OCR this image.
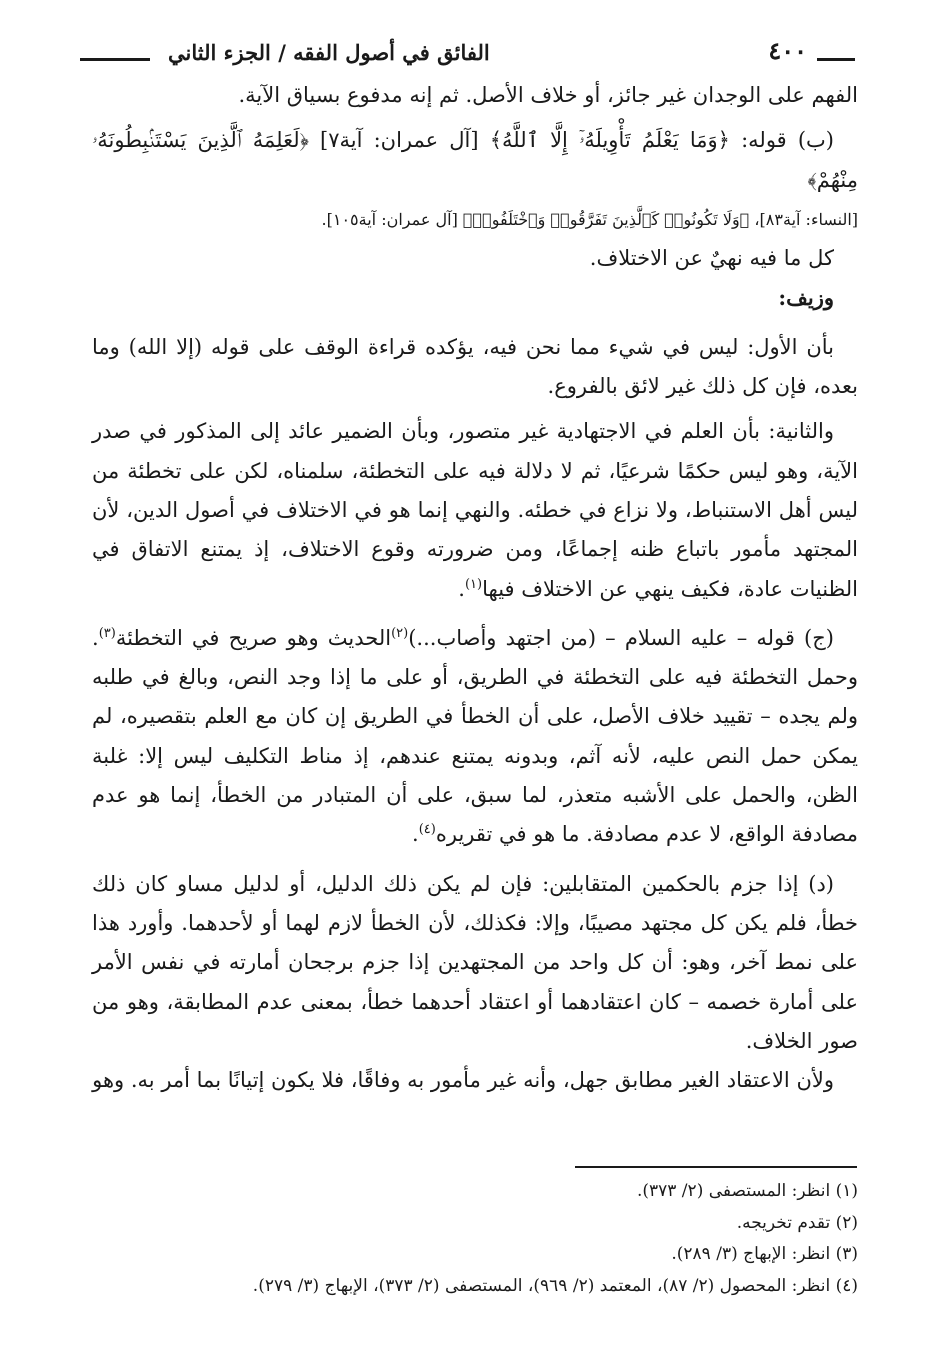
٤٠٠
الفائق في أصول الفقه / الجزء الثاني

الفهم على الوجدان غير جائز، أو خلاف الأصل. ثم إنه مدفوع بسياق الآية.

(ب) قوله: ﴿وَمَا يَعْلَمُ تَأْوِيلَهُۥٓ إِلَّا ٱللَّهُ﴾ [آل عمران: آية٧] ﴿لَعَلِمَهُ ٱلَّذِينَ يَسْتَنۢبِطُونَهُۥ مِنْهُمْ﴾

[النساء: آية٨٣]، ﴿وَلَا تَكُونُوا۟ كَٱلَّذِينَ تَفَرَّقُوا۟ وَٱخْتَلَفُوا۟﴾ [آل عمران: آية١٠٥].

كل ما فيه نهيٌ عن الاختلاف.

وزيف:

بأن الأول: ليس في شيء مما نحن فيه، يؤكده قراءة الوقف على قوله (إلا الله) وما بعده، فإن كل ذلك غير لائق بالفروع.

والثانية: بأن العلم في الاجتهادية غير متصور، وبأن الضمير عائد إلى المذكور في صدر الآية، وهو ليس حكمًا شرعيًا، ثم لا دلالة فيه على التخطئة، سلمناه، لكن على تخطئة من ليس أهل الاستنباط، ولا نزاع في خطئه. والنهي إنما هو في الاختلاف في أصول الدين، لأن المجتهد مأمور باتباع ظنه إجماعًا، ومن ضرورته وقوع الاختلاف، إذ يمتنع الاتفاق في الظنيات عادة، فكيف ينهي عن الاختلاف فيها$^{(١)}$.

(ج) قوله – عليه السلام – (من اجتهد وأصاب...)$^{(٢)}$الحديث وهو صريح في التخطئة$^{(٣)}$. وحمل التخطئة فيه على التخطئة في الطريق، أو على ما إذا وجد النص، وبالغ في طلبه ولم يجده – تقييد خلاف الأصل، على أن الخطأ في الطريق إن كان مع العلم بتقصيره، لم يمكن حمل النص عليه، لأنه آثم، وبدونه يمتنع عندهم، إذ مناط التكليف ليس إلا: غلبة الظن، والحمل على الأشبه متعذر، لما سبق، على أن المتبادر من الخطأ، إنما هو عدم مصادفة الواقع، لا عدم مصادفة. ما هو في تقريره$^{(٤)}$.

(د) إذا جزم بالحكمين المتقابلين: فإن لم يكن ذلك الدليل، أو لدليل مساو كان ذلك خطأ، فلم يكن كل مجتهد مصيبًا، وإلا: فكذلك، لأن الخطأ لازم لهما أو لأحدهما. وأورد هذا على نمط آخر، وهو: أن كل واحد من المجتهدين إذا جزم برجحان أمارته في نفس الأمر على أمارة خصمه – كان اعتقادهما أو اعتقاد أحدهما خطأ، بمعنى عدم المطابقة، وهو من صور الخلاف.

ولأن الاعتقاد الغير مطابق جهل، وأنه غير مأمور به وفاقًا، فلا يكون إتيانًا بما أمر به. وهو

(١) انظر: المستصفى (٢/ ٣٧٣).

(٢) تقدم تخريجه.

(٣) انظر: الإبهاج (٣/ ٢٨٩).

(٤) انظر: المحصول (٢/ ٨٧)، المعتمد (٢/ ٩٦٩)، المستصفى (٢/ ٣٧٣)، الإبهاج (٣/ ٢٧٩).
